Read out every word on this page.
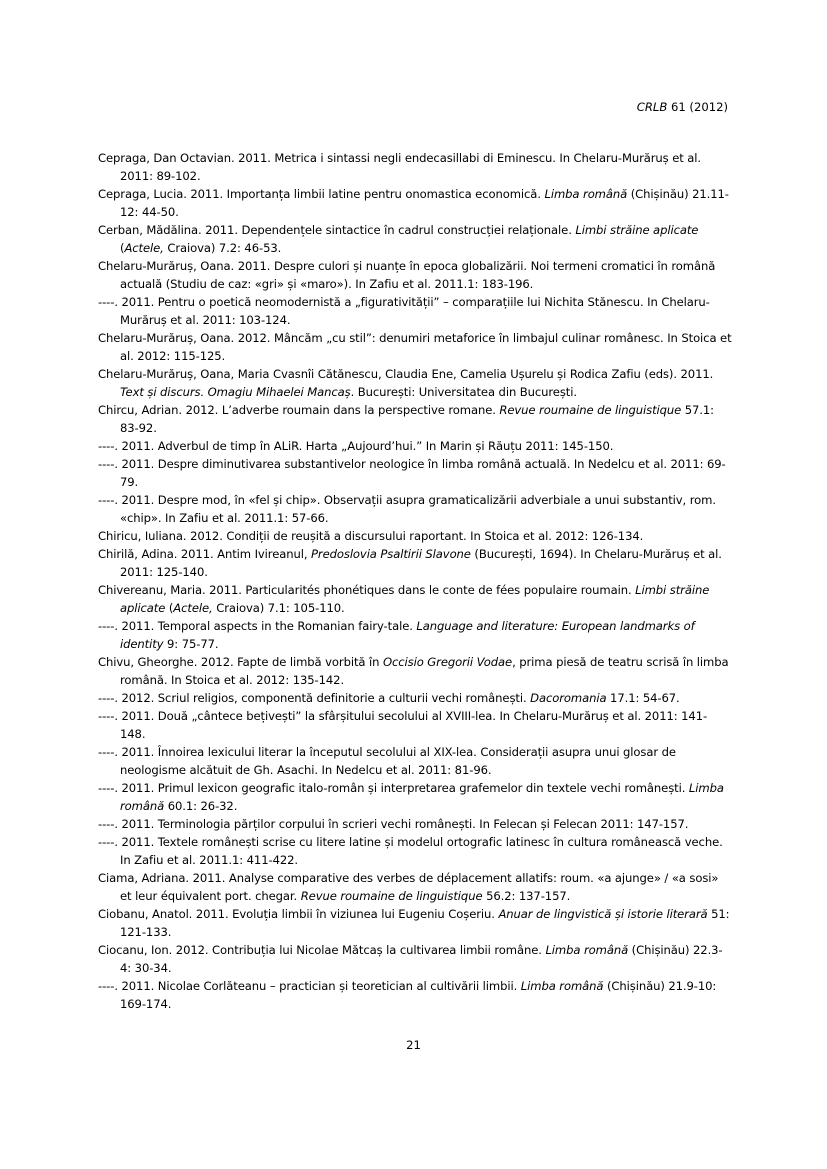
CRLB 61 (2012)

Cepraga, Dan Octavian. 2011. Metrica i sintassi negli endecasillabi di Eminescu. In Chelaru-Murăruș et al. 2011: 89-102.

Cepraga, Lucia. 2011. Importanța limbii latine pentru onomastica economică. Limba română (Chișinău) 21.11-12: 44-50.

Cerban, Mădălina. 2011. Dependențele sintactice în cadrul construcției relaționale. Limbi străine aplicate (Actele, Craiova) 7.2: 46-53.

Chelaru-Murăruș, Oana. 2011. Despre culori și nuanțe în epoca globalizării. Noi termeni cromatici în română actuală (Studiu de caz: «gri» și «maro»). In Zafiu et al. 2011.1: 183-196.

----. 2011. Pentru o poetică neomodernistă a „figurativității” – comparațiile lui Nichita Stănescu. In Chelaru-Murăruș et al. 2011: 103-124.

Chelaru-Murăruș, Oana. 2012. Mâncăm „cu stil”: denumiri metaforice în limbajul culinar românesc. In Stoica et al. 2012: 115-125.

Chelaru-Murăruș, Oana, Maria Cvasnîi Cătănescu, Claudia Ene, Camelia Ușurelu și Rodica Zafiu (eds). 2011. Text și discurs. Omagiu Mihaelei Mancaș. București: Universitatea din București.

Chircu, Adrian. 2012. L’adverbe roumain dans la perspective romane. Revue roumaine de linguistique 57.1: 83-92.

----. 2011. Adverbul de timp în ALiR. Harta „Aujourd’hui.” In Marin și Răuțu 2011: 145-150.

----. 2011. Despre diminutivarea substantivelor neologice în limba română actuală. In Nedelcu et al. 2011: 69-79.

----. 2011. Despre mod, în «fel și chip». Observații asupra gramaticalizării adverbiale a unui substantiv, rom. «chip». In Zafiu et al. 2011.1: 57-66.

Chiricu, Iuliana. 2012. Condiții de reușită a discursului raportant. In Stoica et al. 2012: 126-134.

Chirilă, Adina. 2011. Antim Ivireanul, Predoslovia Psaltirii Slavone (București, 1694). In Chelaru-Murăruș et al. 2011: 125-140.

Chivereanu, Maria. 2011. Particularités phonétiques dans le conte de fées populaire roumain. Limbi străine aplicate (Actele, Craiova) 7.1: 105-110.

----. 2011. Temporal aspects in the Romanian fairy-tale. Language and literature: European landmarks of identity 9: 75-77.

Chivu, Gheorghe. 2012. Fapte de limbă vorbită în Occisio Gregorii Vodae, prima piesă de teatru scrisă în limba română. In Stoica et al. 2012: 135-142.

----. 2012. Scriul religios, componentă definitorie a culturii vechi românești. Dacoromania 17.1: 54-67.

----. 2011. Două „cântece bețivești” la sfârșitului secolului al XVIII-lea. In Chelaru-Murăruș et al. 2011: 141-148.

----. 2011. Înnoirea lexicului literar la începutul secolului al XIX-lea. Considerații asupra unui glosar de neologisme alcătuit de Gh. Asachi. In Nedelcu et al. 2011: 81-96.

----. 2011. Primul lexicon geografic italo-român și interpretarea grafemelor din textele vechi românești. Limba română 60.1: 26-32.

----. 2011. Terminologia părților corpului în scrieri vechi românești. In Felecan și Felecan 2011: 147-157.

----. 2011. Textele românești scrise cu litere latine și modelul ortografic latinesc în cultura românească veche. In Zafiu et al. 2011.1: 411-422.

Ciama, Adriana. 2011. Analyse comparative des verbes de déplacement allatifs: roum. «a ajunge» / «a sosi» et leur équivalent port. chegar. Revue roumaine de linguistique 56.2: 137-157.

Ciobanu, Anatol. 2011. Evoluția limbii în viziunea lui Eugeniu Coșeriu. Anuar de lingvistică și istorie literară 51: 121-133.

Ciocanu, Ion. 2012. Contribuția lui Nicolae Mătcaș la cultivarea limbii române. Limba română (Chișinău) 22.3-4: 30-34.

----. 2011. Nicolae Corlăteanu – practician și teoretician al cultivării limbii. Limba română (Chișinău) 21.9-10: 169-174.

21
